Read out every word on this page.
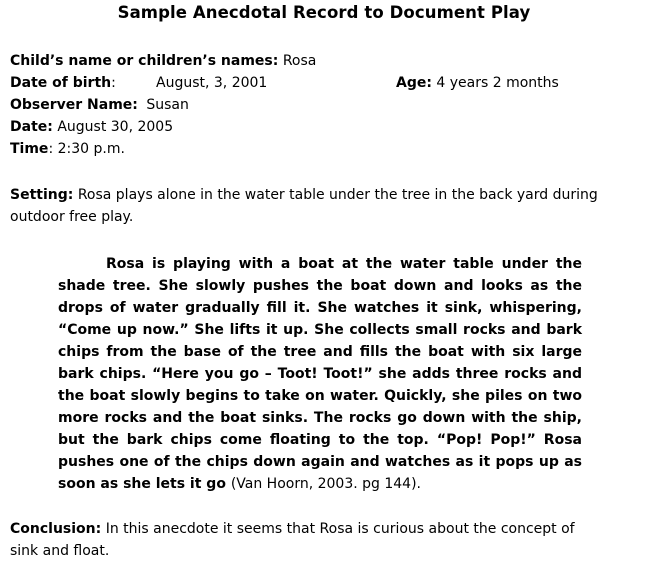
Sample Anecdotal Record to Document Play
Child’s name or children’s names: Rosa
Date of birth:	August, 3, 2001	Age: 4 years 2 months
Observer Name: Susan
Date: August 30, 2005
Time: 2:30 p.m.
Setting: Rosa plays alone in the water table under the tree in the back yard during outdoor free play.
Rosa is playing with a boat at the water table under the shade tree. She slowly pushes the boat down and looks as the drops of water gradually fill it. She watches it sink, whispering, “Come up now.” She lifts it up. She collects small rocks and bark chips from the base of the tree and fills the boat with six large bark chips. “Here you go – Toot! Toot!” she adds three rocks and the boat slowly begins to take on water. Quickly, she piles on two more rocks and the boat sinks. The rocks go down with the ship, but the bark chips come floating to the top. “Pop! Pop!” Rosa pushes one of the chips down again and watches as it pops up as soon as she lets it go (Van Hoorn, 2003. pg 144).
Conclusion: In this anecdote it seems that Rosa is curious about the concept of sink and float.
